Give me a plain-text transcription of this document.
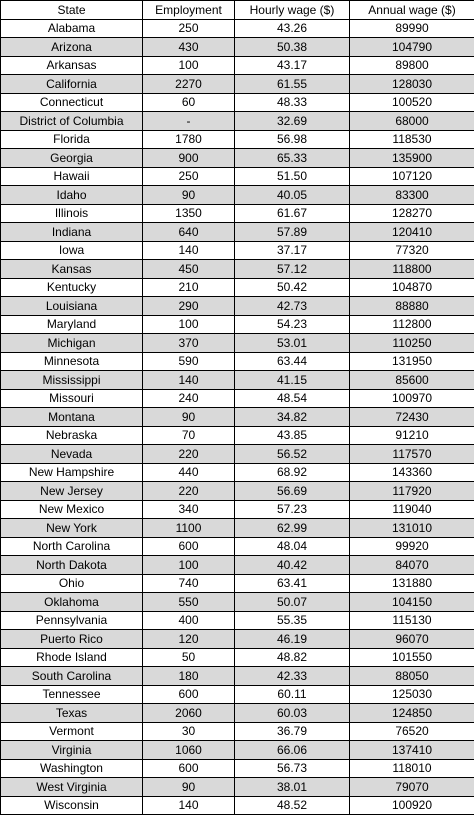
State	Employment	Hourly wage ($)	Annual wage ($)
Alabama	250	43.26	89990
Arizona	430	50.38	104790
Arkansas	100	43.17	89800
California	2270	61.55	128030
Connecticut	60	48.33	100520
District of Columbia	-	32.69	68000
Florida	1780	56.98	118530
Georgia	900	65.33	135900
Hawaii	250	51.50	107120
Idaho	90	40.05	83300
Illinois	1350	61.67	128270
Indiana	640	57.89	120410
Iowa	140	37.17	77320
Kansas	450	57.12	118800
Kentucky	210	50.42	104870
Louisiana	290	42.73	88880
Maryland	100	54.23	112800
Michigan	370	53.01	110250
Minnesota	590	63.44	131950
Mississippi	140	41.15	85600
Missouri	240	48.54	100970
Montana	90	34.82	72430
Nebraska	70	43.85	91210
Nevada	220	56.52	117570
New Hampshire	440	68.92	143360
New Jersey	220	56.69	117920
New Mexico	340	57.23	119040
New York	1100	62.99	131010
North Carolina	600	48.04	99920
North Dakota	100	40.42	84070
Ohio	740	63.41	131880
Oklahoma	550	50.07	104150
Pennsylvania	400	55.35	115130
Puerto Rico	120	46.19	96070
Rhode Island	50	48.82	101550
South Carolina	180	42.33	88050
Tennessee	600	60.11	125030
Texas	2060	60.03	124850
Vermont	30	36.79	76520
Virginia	1060	66.06	137410
Washington	600	56.73	118010
West Virginia	90	38.01	79070
Wisconsin	140	48.52	100920
